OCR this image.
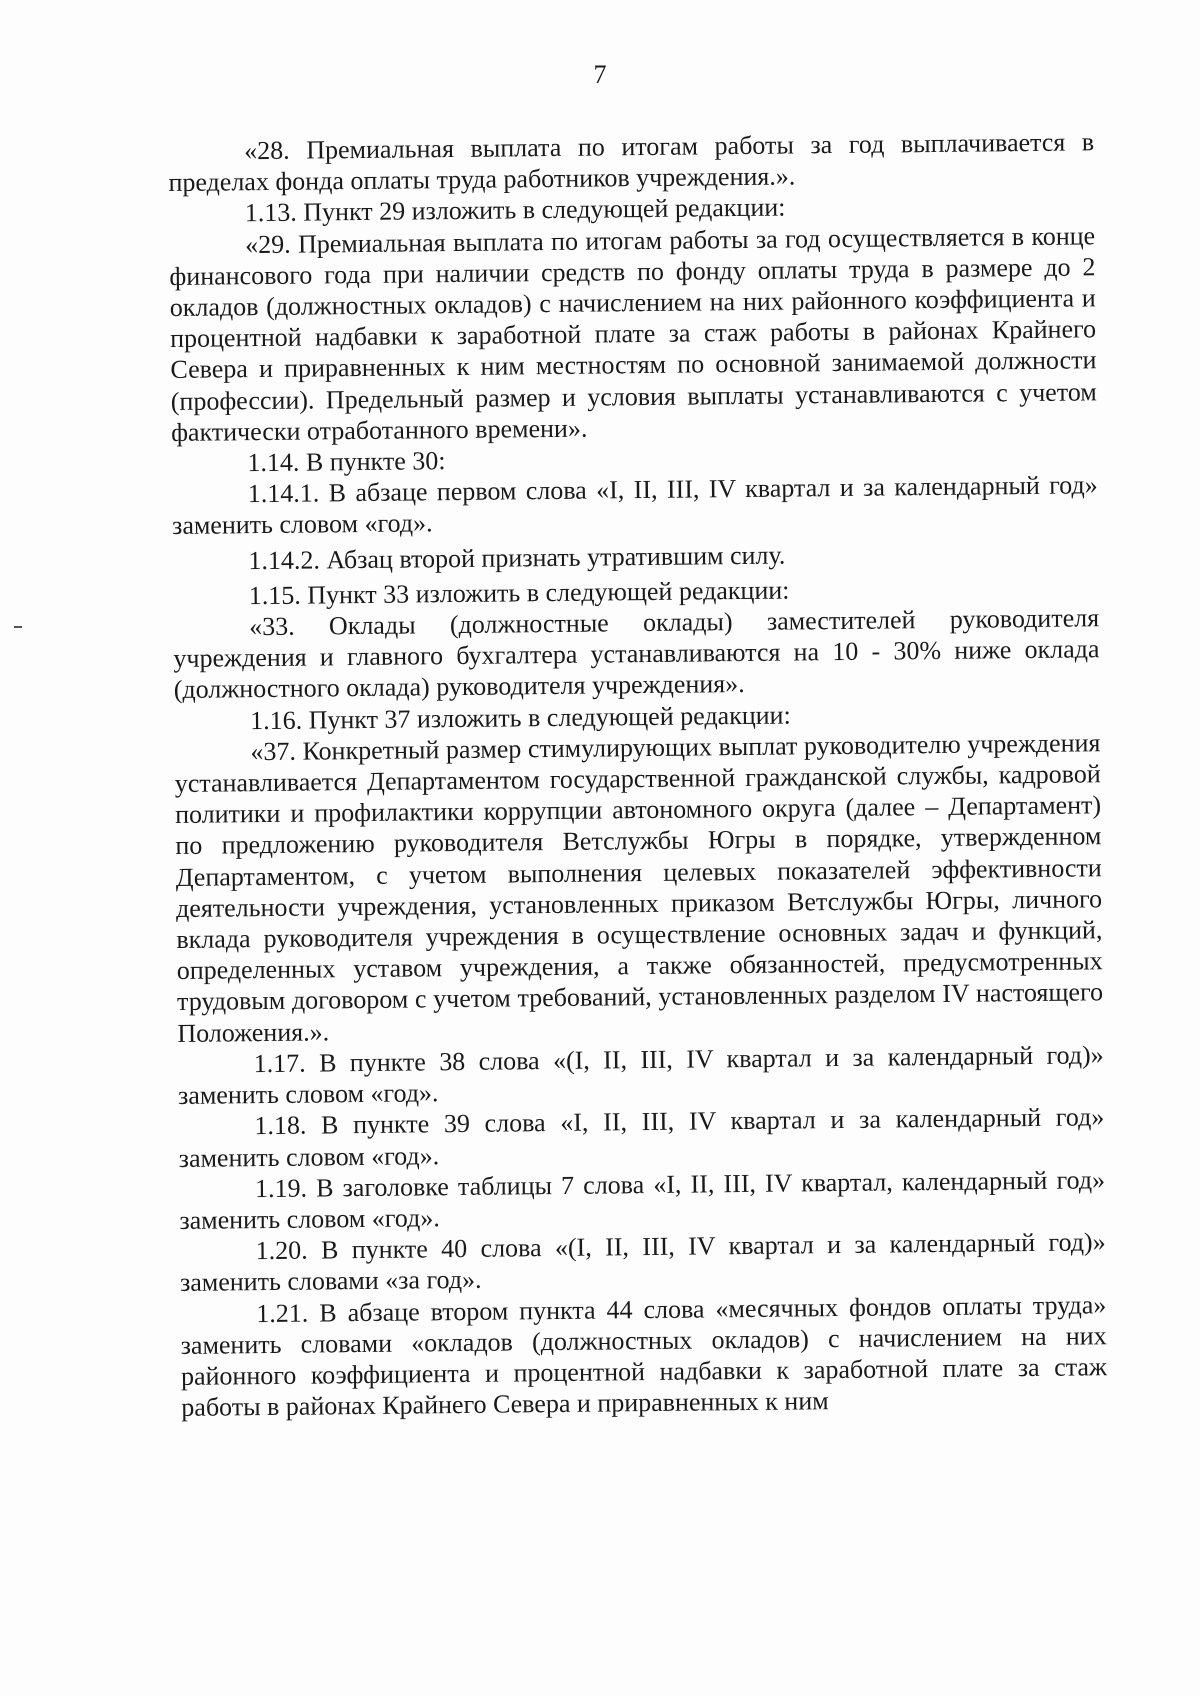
7

«28. Премиальная выплата по итогам работы за год выплачивается в пределах фонда оплаты труда работников учреждения.».

1.13. Пункт 29 изложить в следующей редакции:

«29. Премиальная выплата по итогам работы за год осуществляется в конце финансового года при наличии средств по фонду оплаты труда в размере до 2 окладов (должностных окладов) с начислением на них районного коэффициента и процентной надбавки к заработной плате за стаж работы в районах Крайнего Севера и приравненных к ним местностям по основной занимаемой должности (профессии). Предельный размер и условия выплаты устанавливаются с учетом фактически отработанного времени».

1.14. В пункте 30:

1.14.1. В абзаце первом слова «I, II, III, IV квартал и за календарный год» заменить словом «год».

1.14.2. Абзац второй признать утратившим силу.

1.15. Пункт 33 изложить в следующей редакции:

«33. Оклады (должностные оклады) заместителей руководителя учреждения и главного бухгалтера устанавливаются на 10 - 30% ниже оклада (должностного оклада) руководителя учреждения».

1.16. Пункт 37 изложить в следующей редакции:

«37. Конкретный размер стимулирующих выплат руководителю учреждения устанавливается Департаментом государственной гражданской службы, кадровой политики и профилактики коррупции автономного округа (далее – Департамент) по предложению руководителя Ветслужбы Югры в порядке, утвержденном Департаментом, с учетом выполнения целевых показателей эффективности деятельности учреждения, установленных приказом Ветслужбы Югры, личного вклада руководителя учреждения в осуществление основных задач и функций, определенных уставом учреждения, а также обязанностей, предусмотренных трудовым договором с учетом требований, установленных разделом IV настоящего Положения.».

1.17. В пункте 38 слова «(I, II, III, IV квартал и за календарный год)» заменить словом «год».

1.18. В пункте 39 слова «I, II, III, IV квартал и за календарный год» заменить словом «год».

1.19. В заголовке таблицы 7 слова «I, II, III, IV квартал, календарный год» заменить словом «год».

1.20. В пункте 40 слова «(I, II, III, IV квартал и за календарный год)» заменить словами «за год».

1.21. В абзаце втором пункта 44 слова «месячных фондов оплаты труда» заменить словами «окладов (должностных окладов) с начислением на них районного коэффициента и процентной надбавки к заработной плате за стаж работы в районах Крайнего Севера и приравненных к ним
